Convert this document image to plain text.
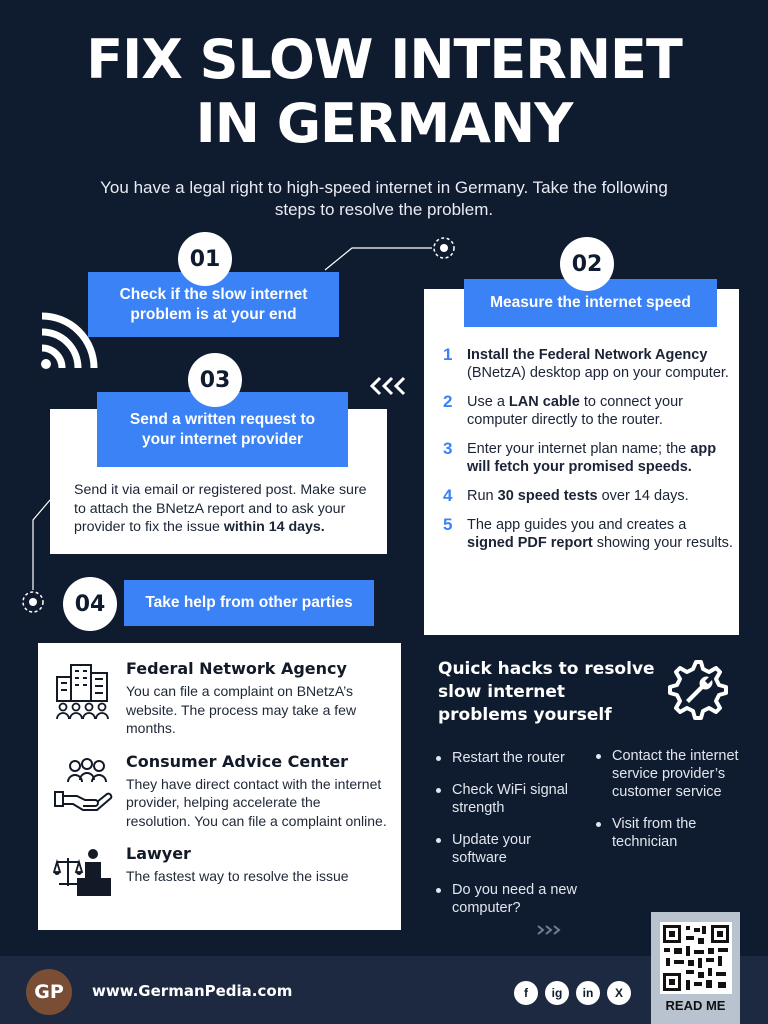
FIX SLOW INTERNET
IN GERMANY
You have a legal right to high-speed internet in Germany. Take the following steps to resolve the problem.
01
Check if the slow internet problem is at your end
02
Measure the internet speed
1	Install the Federal Network Agency (BNetzA) desktop app on your computer.
2	Use a LAN cable to connect your computer directly to the router.
3	Enter your internet plan name; the app will fetch your promised speeds.
4	Run 30 speed tests over 14 days.
5	The app guides you and creates a signed PDF report showing your results.
03
Send a written request to your internet provider
Send it via email or registered post. Make sure to attach the BNetzA report and to ask your provider to fix the issue within 14 days.
04	Take help from other parties
Federal Network Agency

You can file a complaint on BNetzA’s website. The process may take a few months.

Consumer Advice Center

They have direct contact with the internet provider, helping accelerate the resolution. You can file a complaint online.

Lawyer

The fastest way to resolve the issue

Quick hacks to resolve slow internet problems yourself
Restart the router
Check WiFi signal strength
Update your software
Do you need a new computer?
Contact the internet service provider’s customer service
Visit from the technician
GP	www.GermanPedia.com	f	ig	in	X
READ ME
